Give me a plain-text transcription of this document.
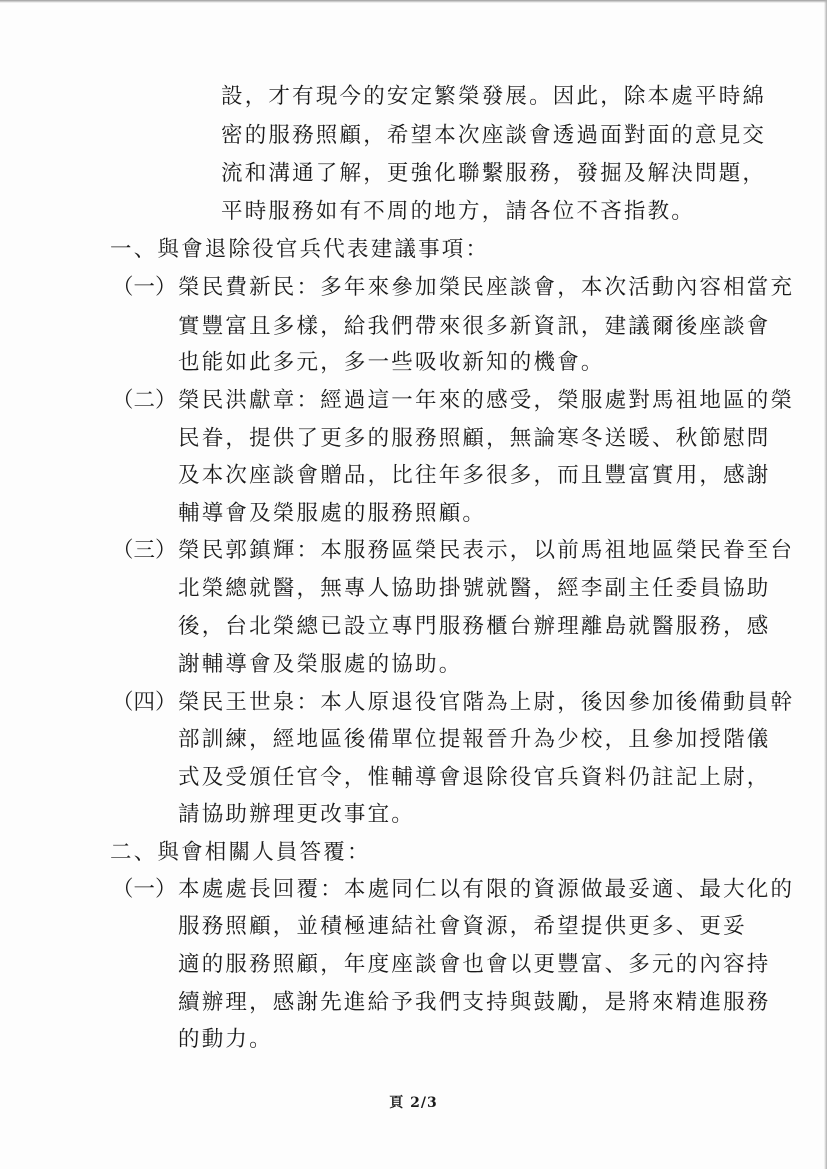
設，才有現今的安定繁榮發展。因此，除本處平時綿
密的服務照顧，希望本次座談會透過面對面的意見交
流和溝通了解，更強化聯繫服務，發掘及解決問題，
平時服務如有不周的地方，請各位不吝指教。
一、與會退除役官兵代表建議事項：
（一） 榮民費新民：多年來參加榮民座談會，本次活動內容相當充
實豐富且多樣，給我們帶來很多新資訊，建議爾後座談會
也能如此多元，多一些吸收新知的機會。
（二） 榮民洪獻章：經過這一年來的感受，榮服處對馬祖地區的榮
民眷，提供了更多的服務照顧，無論寒冬送暖、秋節慰問
及本次座談會贈品，比往年多很多，而且豐富實用，感謝
輔導會及榮服處的服務照顧。
（三） 榮民郭鎮輝：本服務區榮民表示，以前馬祖地區榮民眷至台
北榮總就醫，無專人協助掛號就醫，經李副主任委員協助
後，台北榮總已設立專門服務櫃台辦理離島就醫服務，感
謝輔導會及榮服處的協助。
（四） 榮民王世泉：本人原退役官階為上尉，後因參加後備動員幹
部訓練，經地區後備單位提報晉升為少校，且參加授階儀
式及受頒任官令，惟輔導會退除役官兵資料仍註記上尉，
請協助辦理更改事宜。
二、與會相關人員答覆：
（一） 本處處長回覆：本處同仁以有限的資源做最妥適、最大化的
服務照顧，並積極連結社會資源，希望提供更多、更妥
適的服務照顧，年度座談會也會以更豐富、多元的內容持
續辦理，感謝先進給予我們支持與鼓勵，是將來精進服務
的動力。
頁 2/3
